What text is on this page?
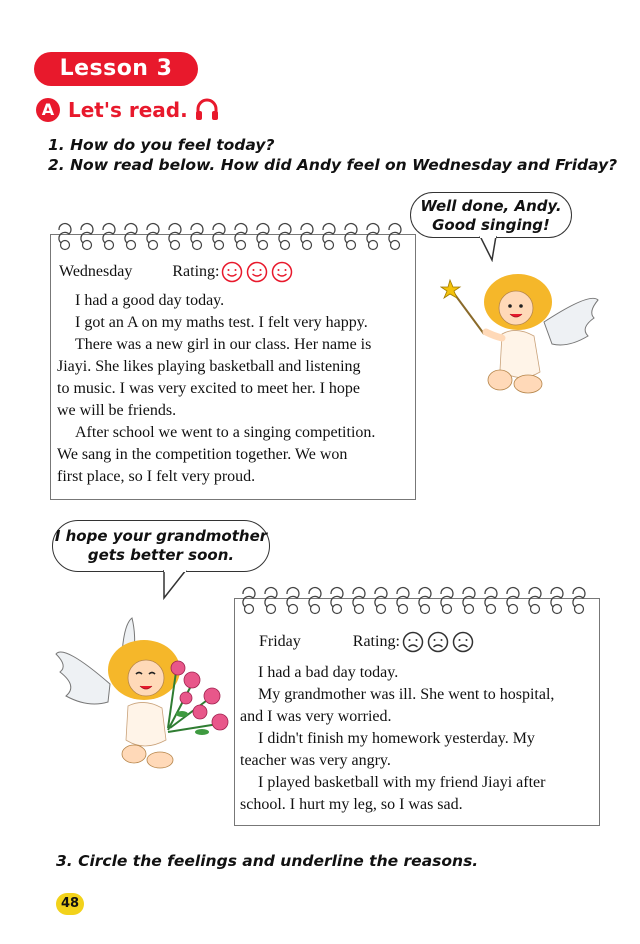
Lesson 3
A Let's read.
1. How do you feel today?
2. Now read below. How did Andy feel on Wednesday and Friday?
Well done, Andy.
Good singing!
Wednesday	Rating:

I had a good day today.

I got an A on my maths test. I felt very happy.

There was a new girl in our class. Her name is

Jiayi. She likes playing basketball and listening

to music. I was very excited to meet her. I hope

we will be friends.

After school we went to a singing competition.

We sang in the competition together. We won

first place, so I felt very proud.

I hope your grandmother
gets better soon.
Friday	Rating:

I had a bad day today.

My grandmother was ill. She went to hospital,

and I was very worried.

I didn't finish my homework yesterday. My

teacher was very angry.

I played basketball with my friend Jiayi after

school. I hurt my leg, so I was sad.

3. Circle the feelings and underline the reasons.
48
